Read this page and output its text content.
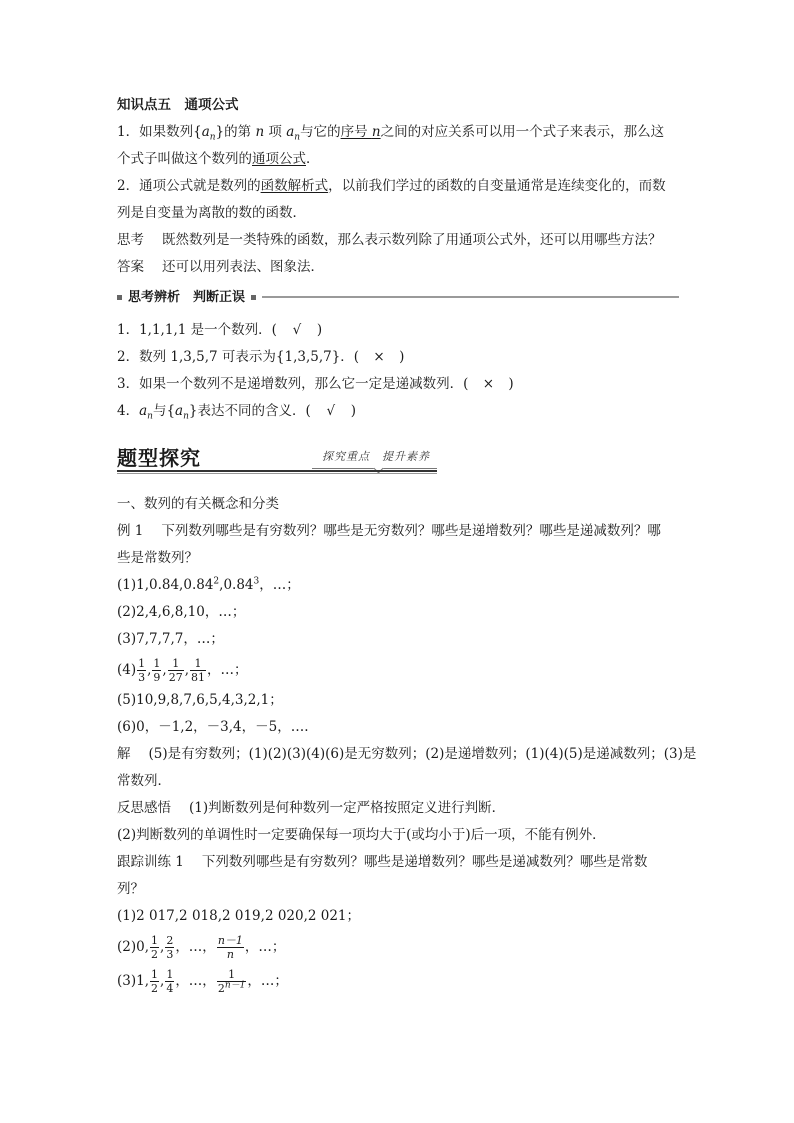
知识点五　通项公式
1．如果数列$\{a_n\}$的第 n 项 $a_n$与它的序号 n之间的对应关系可以用一个式子来表示，那么这
个式子叫做这个数列的通项公式．
2．通项公式就是数列的函数解析式，以前我们学过的函数的自变量通常是连续变化的，而数
列是自变量为离散的数的函数．
思考 既然数列是一类特殊的函数，那么表示数列除了用通项公式外，还可以用哪些方法？
答案 还可以用列表法、图象法．
思考辨析　判断正误
1．1,1,1,1 是一个数列．( √ )
2．数列 1,3,5,7 可表示为{1,3,5,7}．( × )
3．如果一个数列不是递增数列，那么它一定是递减数列．( × )
4．$a_n$与$\{a_n\}$表达不同的含义．( √ )
题型探究	探究重点　提升素养
一、数列的有关概念和分类
例 1 下列数列哪些是有穷数列？哪些是无穷数列？哪些是递增数列？哪些是递减数列？哪
些是常数列？
(1)1,0.84,0.84$^2$,0.84$^3$，…；
(2)2,4,6,8,10，…；
(3)7,7,7,7，…；
$(4) \frac{1}{3}$ , $\frac{1}{9}$ , $\frac{1}{27}$ , $\frac{1}{81}$ ，…；
(5)10,9,8,7,6,5,4,3,2,1；
(6)0，－1,2，－3,4，－5，….
解 (5)是有穷数列；(1)(2)(3)(4)(6)是无穷数列；(2)是递增数列；(1)(4)(5)是递减数列；(3)是
常数列．
反思感悟 (1)判断数列是何种数列一定严格按照定义进行判断．
(2)判断数列的单调性时一定要确保每一项均大于(或均小于)后一项，不能有例外．
跟踪训练 1 下列数列哪些是有穷数列？哪些是递增数列？哪些是递减数列？哪些是常数
列？
(1)2 017,2 018,2 019,2 020,2 021；
(2)0, $\frac{1}{2}$ , $\frac{2}{3}$ ，…， $\frac{n-1}{n}$ ，…；
(3)1, $\frac{1}{2}$ , $\frac{1}{4}$ ，…， $\frac{1}{2^{n-1}}$ ，…；
